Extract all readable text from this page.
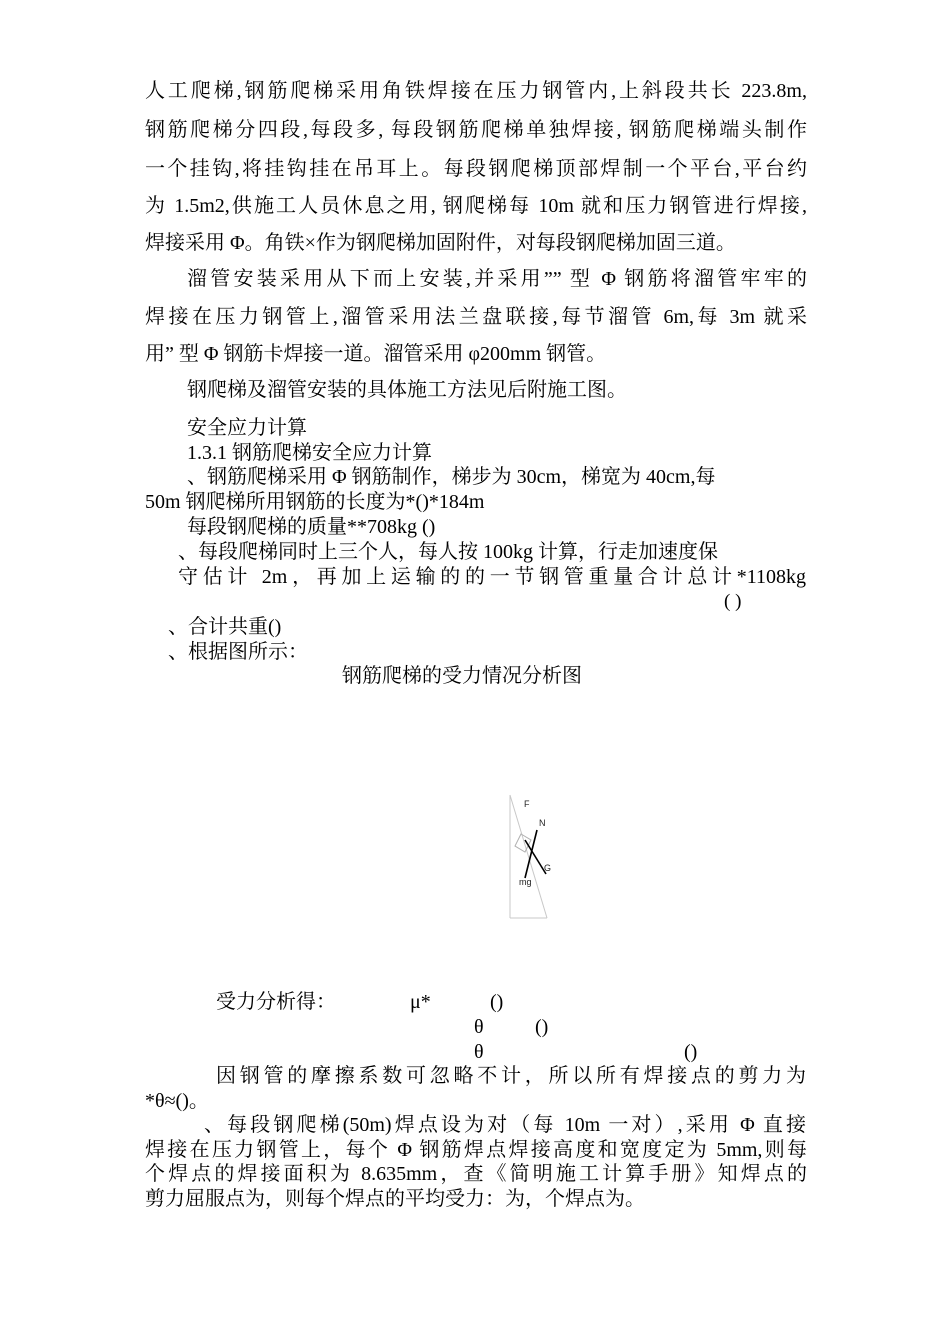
人工爬梯,钢筋爬梯采用角铁焊接在压力钢管内,上斜段共长 223.8m,
钢筋爬梯分四段,每段多, 每段钢筋爬梯单独焊接, 钢筋爬梯端头制作
一个挂钩,将挂钩挂在吊耳上。每段钢爬梯顶部焊制一个平台,平台约
为 1.5m2,供施工人员休息之用, 钢爬梯每 10m 就和压力钢管进行焊接,
焊接采用 Φ。角铁×作为钢爬梯加固附件，对每段钢爬梯加固三道。
溜管安装采用从下而上安装,并采用”” 型 Φ 钢筋将溜管牢牢的
焊接在压力钢管上,溜管采用法兰盘联接,每节溜管 6m,每 3m 就采
用” 型 Φ 钢筋卡焊接一道。溜管采用 φ200mm 钢管。
钢爬梯及溜管安装的具体施工方法见后附施工图。
安全应力计算
1.3.1 钢筋爬梯安全应力计算
、钢筋爬梯采用 Φ 钢筋制作，梯步为 30cm，梯宽为 40cm,每
50m 钢爬梯所用钢筋的长度为*()*184m
每段钢爬梯的质量**708kg ()
、每段爬梯同时上三个人，每人按 100kg 计算，行走加速度保
守估计 2m，再加上运输的的一节钢管重量合计总计*1108kg
( )
、合计共重()
、根据图所示：
钢筋爬梯的受力情况分析图
F
N
G
mg
受力分析得：	μ*	()
θ	()
θ	()
因钢管的摩擦系数可忽略不计，所以所有焊接点的剪力为
*θ≈()。
、每段钢爬梯(50m)焊点设为对（每 10m 一对）,采用 Φ 直接
焊接在压力钢管上，每个 Φ 钢筋焊点焊接高度和宽度定为 5mm,则每
个焊点的焊接面积为 8.635mm，查《简明施工计算手册》知焊点的
剪力屈服点为，则每个焊点的平均受力：为，个焊点为。
